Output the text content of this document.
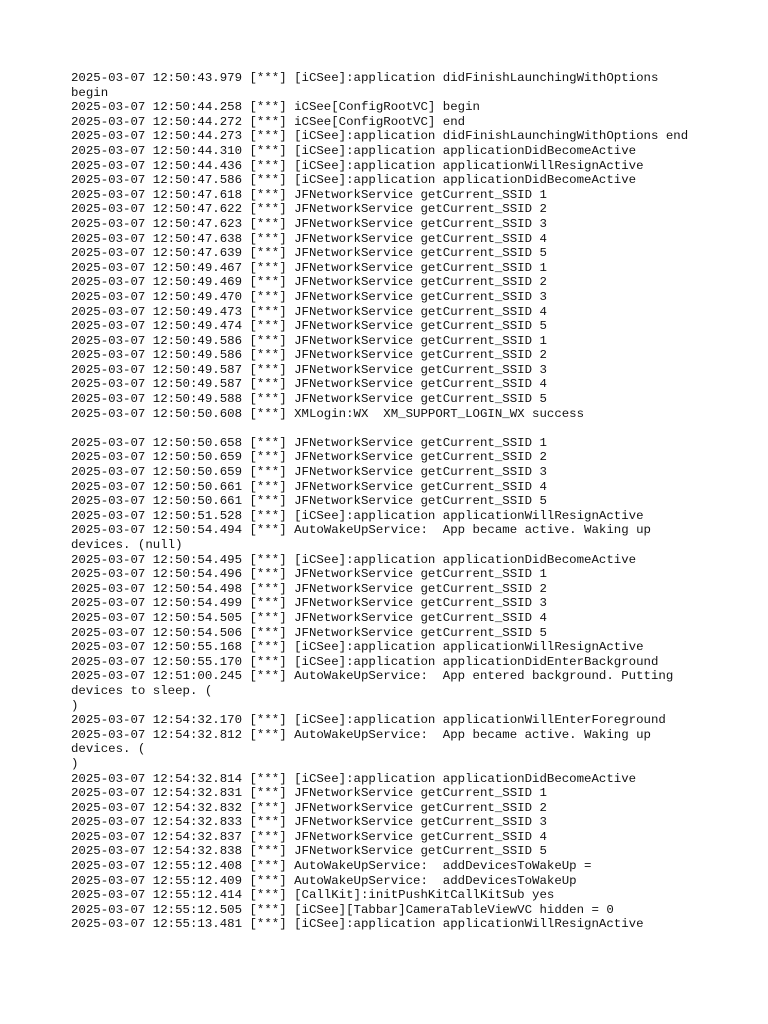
2025-03-07 12:50:43.979 [***] [iCSee]:application didFinishLaunchingWithOptions
begin
2025-03-07 12:50:44.258 [***] iCSee[ConfigRootVC] begin
2025-03-07 12:50:44.272 [***] iCSee[ConfigRootVC] end
2025-03-07 12:50:44.273 [***] [iCSee]:application didFinishLaunchingWithOptions end
2025-03-07 12:50:44.310 [***] [iCSee]:application applicationDidBecomeActive
2025-03-07 12:50:44.436 [***] [iCSee]:application applicationWillResignActive
2025-03-07 12:50:47.586 [***] [iCSee]:application applicationDidBecomeActive
2025-03-07 12:50:47.618 [***] JFNetworkService getCurrent_SSID 1
2025-03-07 12:50:47.622 [***] JFNetworkService getCurrent_SSID 2
2025-03-07 12:50:47.623 [***] JFNetworkService getCurrent_SSID 3
2025-03-07 12:50:47.638 [***] JFNetworkService getCurrent_SSID 4
2025-03-07 12:50:47.639 [***] JFNetworkService getCurrent_SSID 5
2025-03-07 12:50:49.467 [***] JFNetworkService getCurrent_SSID 1
2025-03-07 12:50:49.469 [***] JFNetworkService getCurrent_SSID 2
2025-03-07 12:50:49.470 [***] JFNetworkService getCurrent_SSID 3
2025-03-07 12:50:49.473 [***] JFNetworkService getCurrent_SSID 4
2025-03-07 12:50:49.474 [***] JFNetworkService getCurrent_SSID 5
2025-03-07 12:50:49.586 [***] JFNetworkService getCurrent_SSID 1
2025-03-07 12:50:49.586 [***] JFNetworkService getCurrent_SSID 2
2025-03-07 12:50:49.587 [***] JFNetworkService getCurrent_SSID 3
2025-03-07 12:50:49.587 [***] JFNetworkService getCurrent_SSID 4
2025-03-07 12:50:49.588 [***] JFNetworkService getCurrent_SSID 5
2025-03-07 12:50:50.608 [***] XMLogin:WX  XM_SUPPORT_LOGIN_WX success
2025-03-07 12:50:50.658 [***] JFNetworkService getCurrent_SSID 1
2025-03-07 12:50:50.659 [***] JFNetworkService getCurrent_SSID 2
2025-03-07 12:50:50.659 [***] JFNetworkService getCurrent_SSID 3
2025-03-07 12:50:50.661 [***] JFNetworkService getCurrent_SSID 4
2025-03-07 12:50:50.661 [***] JFNetworkService getCurrent_SSID 5
2025-03-07 12:50:51.528 [***] [iCSee]:application applicationWillResignActive
2025-03-07 12:50:54.494 [***] AutoWakeUpService:  App became active. Waking up
devices. (null)
2025-03-07 12:50:54.495 [***] [iCSee]:application applicationDidBecomeActive
2025-03-07 12:50:54.496 [***] JFNetworkService getCurrent_SSID 1
2025-03-07 12:50:54.498 [***] JFNetworkService getCurrent_SSID 2
2025-03-07 12:50:54.499 [***] JFNetworkService getCurrent_SSID 3
2025-03-07 12:50:54.505 [***] JFNetworkService getCurrent_SSID 4
2025-03-07 12:50:54.506 [***] JFNetworkService getCurrent_SSID 5
2025-03-07 12:50:55.168 [***] [iCSee]:application applicationWillResignActive
2025-03-07 12:50:55.170 [***] [iCSee]:application applicationDidEnterBackground
2025-03-07 12:51:00.245 [***] AutoWakeUpService:  App entered background. Putting
devices to sleep. (
)
2025-03-07 12:54:32.170 [***] [iCSee]:application applicationWillEnterForeground
2025-03-07 12:54:32.812 [***] AutoWakeUpService:  App became active. Waking up
devices. (
)
2025-03-07 12:54:32.814 [***] [iCSee]:application applicationDidBecomeActive
2025-03-07 12:54:32.831 [***] JFNetworkService getCurrent_SSID 1
2025-03-07 12:54:32.832 [***] JFNetworkService getCurrent_SSID 2
2025-03-07 12:54:32.833 [***] JFNetworkService getCurrent_SSID 3
2025-03-07 12:54:32.837 [***] JFNetworkService getCurrent_SSID 4
2025-03-07 12:54:32.838 [***] JFNetworkService getCurrent_SSID 5
2025-03-07 12:55:12.408 [***] AutoWakeUpService:  addDevicesToWakeUp =
2025-03-07 12:55:12.409 [***] AutoWakeUpService:  addDevicesToWakeUp
2025-03-07 12:55:12.414 [***] [CallKit]:initPushKitCallKitSub yes
2025-03-07 12:55:12.505 [***] [iCSee][Tabbar]CameraTableViewVC hidden = 0
2025-03-07 12:55:13.481 [***] [iCSee]:application applicationWillResignActive
